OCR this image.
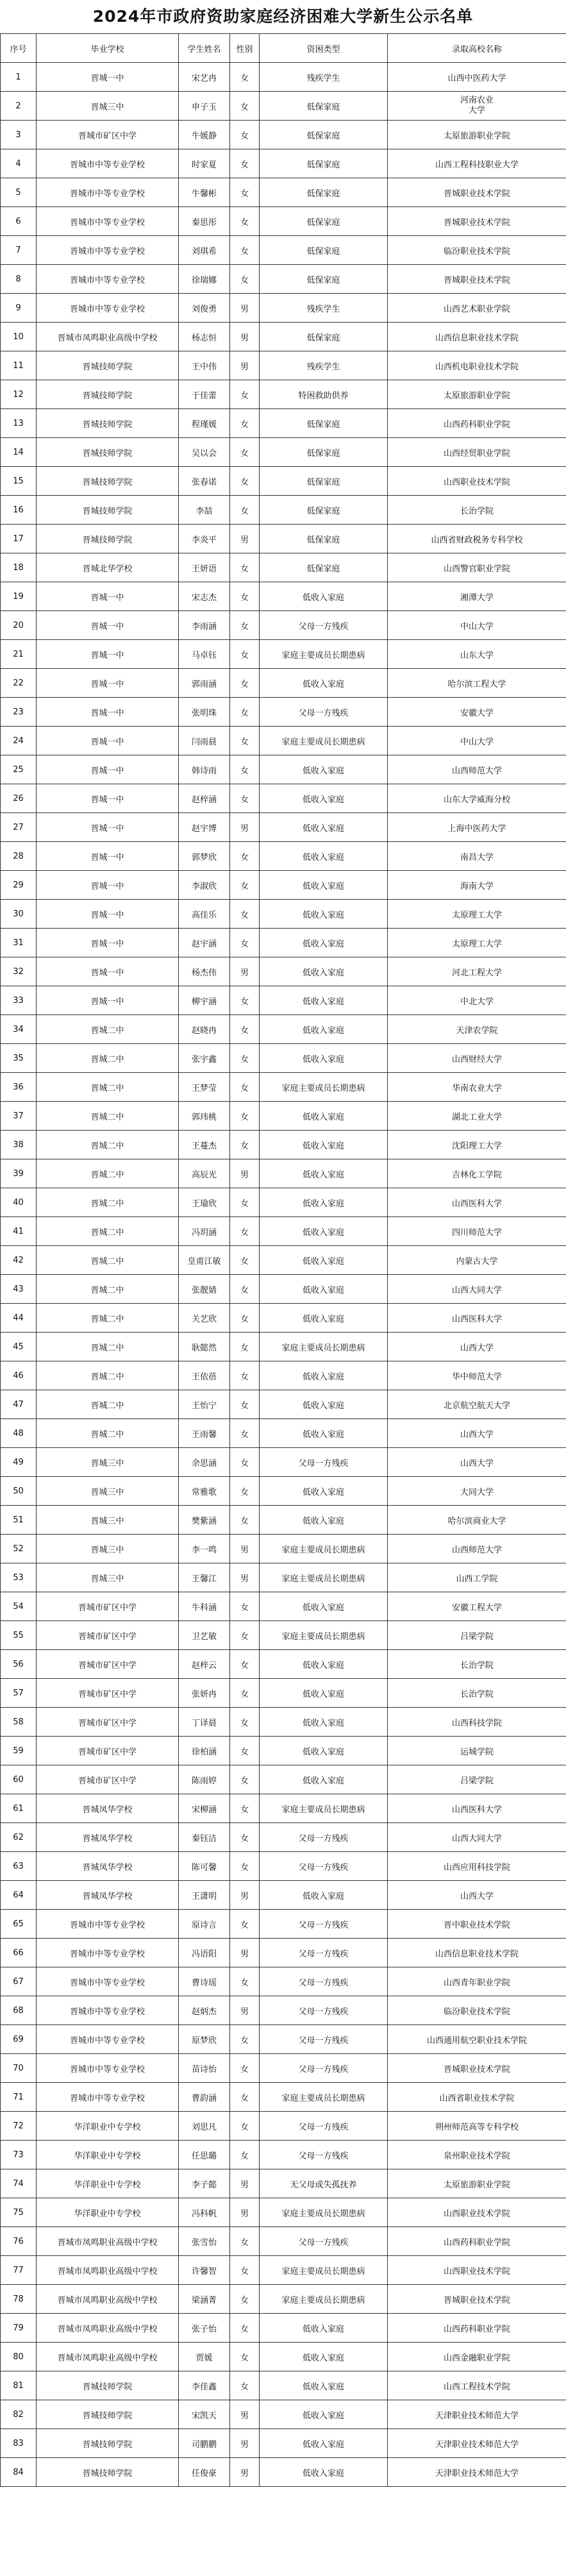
2024年市政府资助家庭经济困难大学新生公示名单
序号	毕业学校	学生姓名	性别	资困类型	录取高校名称
1	晋城一中	宋艺冉	女	残疾学生	山西中医药大学
2	晋城三中	申子玉	女	低保家庭	河南农业
大学
3	晋城市矿区中学	牛媛静	女	低保家庭	太原旅游职业学院
4	晋城市中等专业学校	时家夏	女	低保家庭	山西工程科技职业大学
5	晋城市中等专业学校	牛馨彬	女	低保家庭	晋城职业技术学院
6	晋城市中等专业学校	秦思彤	女	低保家庭	晋城职业技术学院
7	晋城市中等专业学校	刘琪希	女	低保家庭	临汾职业技术学院
8	晋城市中等专业学校	徐瑞娜	女	低保家庭	晋城职业技术学院
9	晋城市中等专业学校	刘俊勇	男	残疾学生	山西艺术职业学院
10	晋城市凤鸣职业高级中学校	杨志恒	男	低保家庭	山西信息职业技术学院
11	晋城技师学院	王中伟	男	残疾学生	山西机电职业技术学院
12	晋城技师学院	于佳蕾	女	特困救助供养	太原旅游职业学院
13	晋城技师学院	程瑾媛	女	低保家庭	山西药科职业学院
14	晋城技师学院	吴以会	女	低保家庭	山西经贸职业学院
15	晋城技师学院	张春诺	女	低保家庭	山西职业技术学院
16	晋城技师学院	李喆	女	低保家庭	长治学院
17	晋城技师学院	李炎平	男	低保家庭	山西省财政税务专科学校
18	晋城北华学校	王妍语	女	低保家庭	山西警官职业学院
19	晋城一中	宋志杰	女	低收入家庭	湘潭大学
20	晋城一中	李雨涵	女	父母一方残疾	中山大学
21	晋城一中	马卓钰	女	家庭主要成员长期患病	山东大学
22	晋城一中	郭雨涵	女	低收入家庭	哈尔滨工程大学
23	晋城一中	张明珠	女	父母一方残疾	安徽大学
24	晋城一中	闫雨晨	女	家庭主要成员长期患病	中山大学
25	晋城一中	韩诗雨	女	低收入家庭	山西师范大学
26	晋城一中	赵梓涵	女	低收入家庭	山东大学威海分校
27	晋城一中	赵宇博	男	低收入家庭	上海中医药大学
28	晋城一中	郭梦欣	女	低收入家庭	南昌大学
29	晋城一中	李淑欣	女	低收入家庭	海南大学
30	晋城一中	高佳乐	女	低收入家庭	太原理工大学
31	晋城一中	赵宇涵	女	低收入家庭	太原理工大学
32	晋城一中	杨杰伟	男	低收入家庭	河北工程大学
33	晋城一中	柳宇涵	女	低收入家庭	中北大学
34	晋城二中	赵晓冉	女	低收入家庭	天津农学院
35	晋城二中	张宇鑫	女	低收入家庭	山西财经大学
36	晋城二中	王梦莹	女	家庭主要成员长期患病	华南农业大学
37	晋城二中	郭玮桃	女	低收入家庭	湖北工业大学
38	晋城二中	王蔓杰	女	低收入家庭	沈阳理工大学
39	晋城二中	高辰光	男	低收入家庭	吉林化工学院
40	晋城二中	王瑜欣	女	低收入家庭	山西医科大学
41	晋城二中	冯玥涵	女	低收入家庭	四川师范大学
42	晋城二中	皇甫江敏	女	低收入家庭	内蒙古大学
43	晋城二中	张靓婧	女	低收入家庭	山西大同大学
44	晋城二中	关艺欣	女	低收入家庭	山西医科大学
45	晋城二中	耿懿然	女	家庭主要成员长期患病	山西大学
46	晋城二中	王依蓓	女	低收入家庭	华中师范大学
47	晋城二中	王怡宁	女	低收入家庭	北京航空航天大学
48	晋城二中	王雨馨	女	低收入家庭	山西大学
49	晋城三中	余思涵	女	父母一方残疾	山西大学
50	晋城三中	常雅歌	女	低收入家庭	大同大学
51	晋城三中	樊紫涵	女	低收入家庭	哈尔滨商业大学
52	晋城三中	李一鸣	男	家庭主要成员长期患病	山西师范大学
53	晋城三中	王馨江	男	家庭主要成员长期患病	山西工学院
54	晋城市矿区中学	牛科涵	女	低收入家庭	安徽工程大学
55	晋城市矿区中学	卫艺敏	女	家庭主要成员长期患病	吕梁学院
56	晋城市矿区中学	赵梓云	女	低收入家庭	长治学院
57	晋城市矿区中学	张妍冉	女	低收入家庭	长治学院
58	晋城市矿区中学	丁译晨	女	低收入家庭	山西科技学院
59	晋城市矿区中学	徐柏涵	女	低收入家庭	运城学院
60	晋城市矿区中学	陈雨婷	女	低收入家庭	吕梁学院
61	晋城凤华学校	宋柳涵	女	家庭主要成员长期患病	山西医科大学
62	晋城凤华学校	秦钰洁	女	父母一方残疾	山西大同大学
63	晋城凤华学校	陈可馨	女	父母一方残疾	山西应用科技学院
64	晋城凤华学校	王潇明	男	低收入家庭	山西大学
65	晋城市中等专业学校	原诗言	女	父母一方残疾	晋中职业技术学院
66	晋城市中等专业学校	冯语阳	男	父母一方残疾	山西信息职业技术学院
67	晋城市中等专业学校	曹诗瑶	女	父母一方残疾	山西青年职业学院
68	晋城市中等专业学校	赵炳杰	男	父母一方残疾	临汾职业技术学院
69	晋城市中等专业学校	原梦欣	女	父母一方残疾	山西通用航空职业技术学院
70	晋城市中等专业学校	苗诗怡	女	父母一方残疾	晋城职业技术学院
71	晋城市中等专业学校	曹韵涵	女	家庭主要成员长期患病	山西省职业技术学院
72	华洋职业中专学校	刘思凡	女	父母一方残疾	朔州师范高等专科学校
73	华洋职业中专学校	任思璐	女	父母一方残疾	泉州职业技术学院
74	华洋职业中专学校	李子懿	男	无父母或失孤抚养	太原旅游职业学院
75	华洋职业中专学校	冯科帆	男	家庭主要成员长期患病	山西职业技术学院
76	晋城市凤鸣职业高级中学校	张雪怡	女	父母一方残疾	山西药科职业学院
77	晋城市凤鸣职业高级中学校	许馨智	女	家庭主要成员长期患病	山西职业技术学院
78	晋城市凤鸣职业高级中学校	梁涵菁	女	家庭主要成员长期患病	晋城职业技术学院
79	晋城市凤鸣职业高级中学校	张子怡	女	低收入家庭	山西药科职业学院
80	晋城市凤鸣职业高级中学校	贾媛	女	低收入家庭	山西金融职业学院
81	晋城技师学院	李佳鑫	女	低收入家庭	山西工程技术学院
82	晋城技师学院	宋凯天	男	低收入家庭	天津职业技术师范大学
83	晋城技师学院	司鹏鹏	男	低收入家庭	天津职业技术师范大学
84	晋城技师学院	任俊豪	男	低收入家庭	天津职业技术师范大学
